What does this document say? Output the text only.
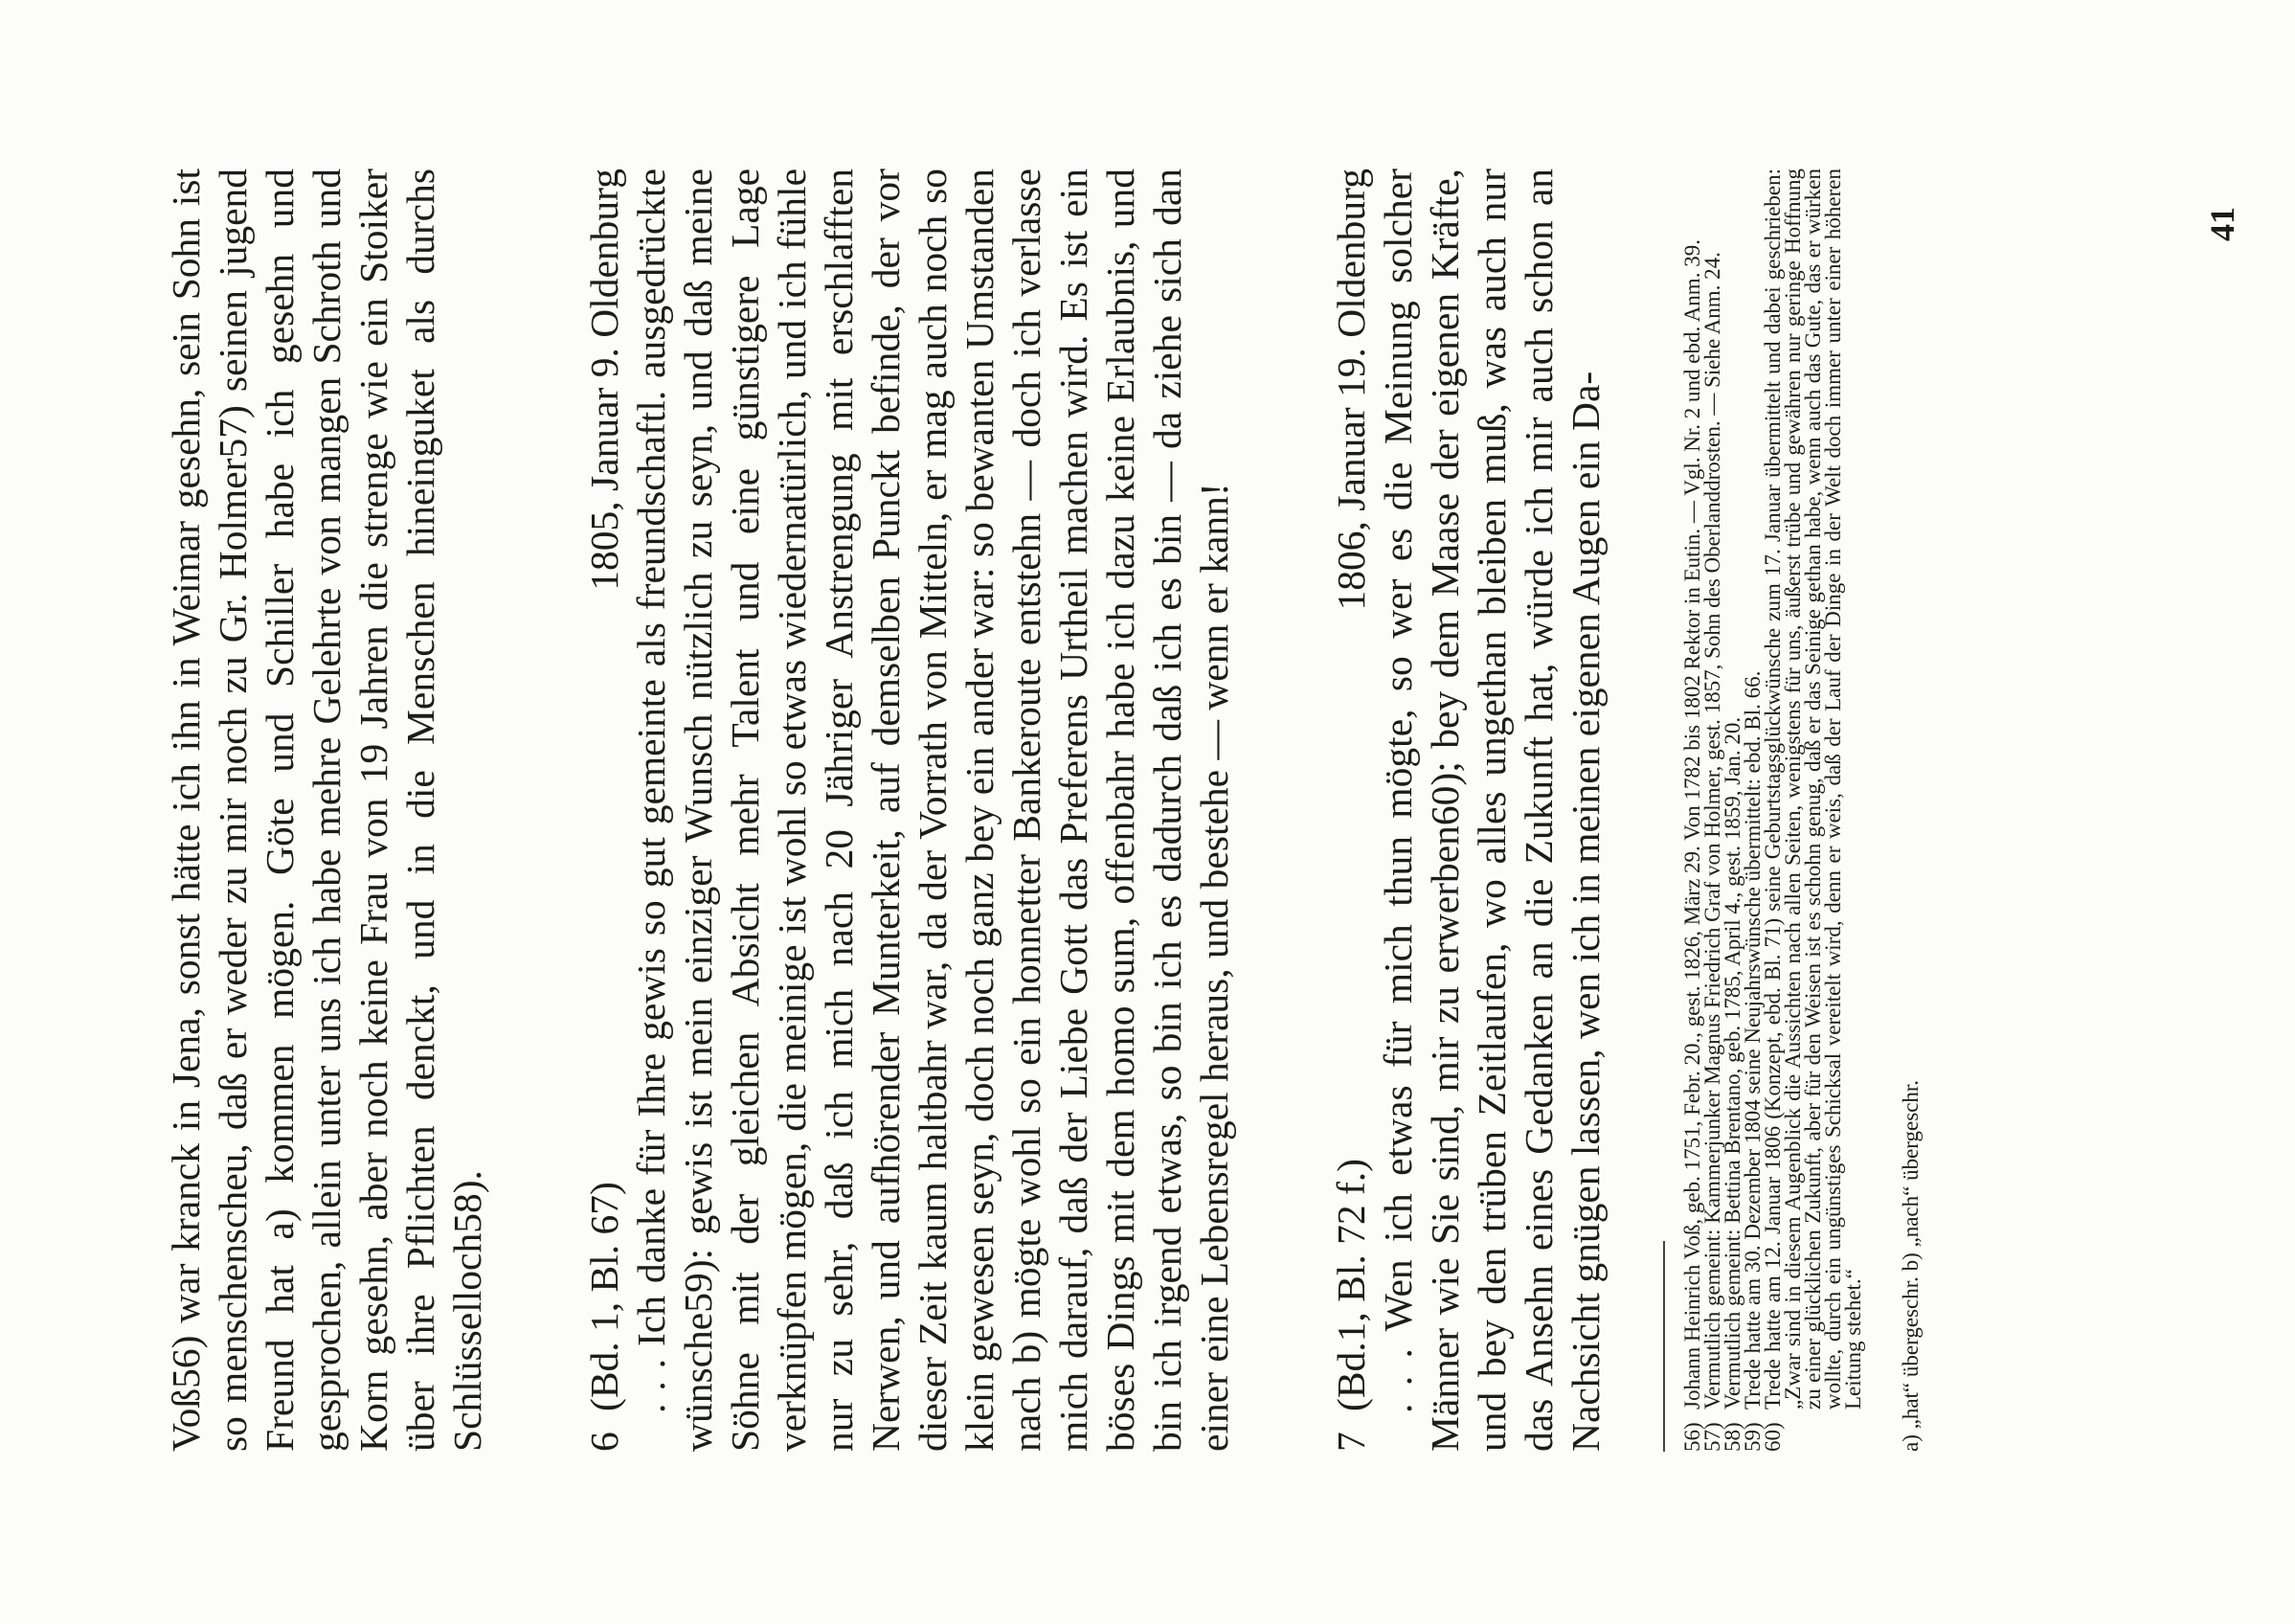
Voß56) war kranck in Jena, sonst hätte ich ihn in Weimar gesehn, sein Sohn ist so menschenscheu, daß er weder zu mir noch zu Gr. Holmer57) seinen jugend Freund hat a) kommen mögen. Göte und Schiller habe ich gesehn und gesprochen, allein unter uns ich habe mehre Gelehrte von mangen Schroth und Korn gesehn, aber noch keine Frau von 19 Jahren die strenge wie ein Stoiker über ihre Pflichten denckt, und in die Menschen hineinguket als durchs Schlüsselloch58). 6
(Bd. 1, Bl. 67)
1805, Januar 9. Oldenburg . . . Ich danke für Ihre gewis so gut gemeinte als freundschaftl. ausgedrückte wünsche59): gewis ist mein einziger Wunsch nützlich zu seyn, und daß meine Söhne mit der gleichen Absicht mehr Talent und eine günstigere Lage verknüpfen mögen, die meinige ist wohl so etwas wiedernatürlich, und ich fühle nur zu sehr, daß ich mich nach 20 Jähriger Anstrengung mit erschlafften Nerwen, und aufhörender Munterkeit, auf demselben Punckt befinde, der vor dieser Zeit kaum haltbahr war, da der Vorrath von Mitteln, er mag auch noch so klein gewesen seyn, doch noch ganz bey ein ander war: so bewanten Umstanden nach b) mögte wohl so ein honnetter Bankeroute entstehn — doch ich verlasse mich darauf, daß der Liebe Gott das Preferens Urtheil machen wird. Es ist ein böses Dings mit dem homo sum, offenbahr habe ich dazu keine Erlaubnis, und bin ich irgend etwas, so bin ich es dadurch daß ich es bin — da ziehe sich dan einer eine Lebensregel heraus, und bestehe — wenn er kann! 7
(Bd.1, Bl. 72 f.)
1806, Januar 19. Oldenburg . . . Wen ich etwas für mich thun mögte, so wer es die Meinung solcher Männer wie Sie sind, mir zu erwerben60); bey dem Maase der eigenen Kräfte, und bey den trüben Zeitlaufen, wo alles ungethan bleiben muß, was auch nur das Ansehn eines Gedanken an die Zukunft hat, würde ich mir auch schon an Nachsicht gnügen lassen, wen ich in meinen eigenen Augen ein Da-	56)
Johann Heinrich Voß, geb. 1751, Febr. 20., gest. 1826, März 29. Von 1782 bis 1802 Rektor in Eutin. — Vgl. Nr. 2 und ebd. Anm. 39.
57)
Vermutlich gemeint: Kammerjunker Magnus Friedrich Graf von Holmer, gest. 1857, Sohn des Oberlanddrosten. — Siehe Anm. 24.
58)
Vermutlich gemeint: Bettina Brentano, geb. 1785, April 4., gest. 1859, Jan. 20.
59)
Trede hatte am 30. Dezember 1804 seine Neujahrswünsche übermittelt: ebd. Bl. 66.
60)
Trede hatte am 12. Januar 1806 (Konzept, ebd. Bl. 71) seine Geburtstagsglückwünsche zum 17. Januar übermittelt und dabei geschrieben: „Zwar sind in diesem Augenblick die Aussichten nach allen Seiten, wenigstens für uns, äußerst trübe und gewähren nur geringe Hoffnung zu einer glücklichen Zukunft, aber für den Weisen ist es schohn genug, daß er das Seinige gethan habe, wenn auch das Gute, das er würken wollte, durch ein ungünstiges Schicksal vereitelt wird, denn er weis, daß der Lauf der Dinge in der Welt doch immer unter einer höheren Leitung stehet.“ a) „hat“ übergeschr. b) „nach“ übergeschr.
41
